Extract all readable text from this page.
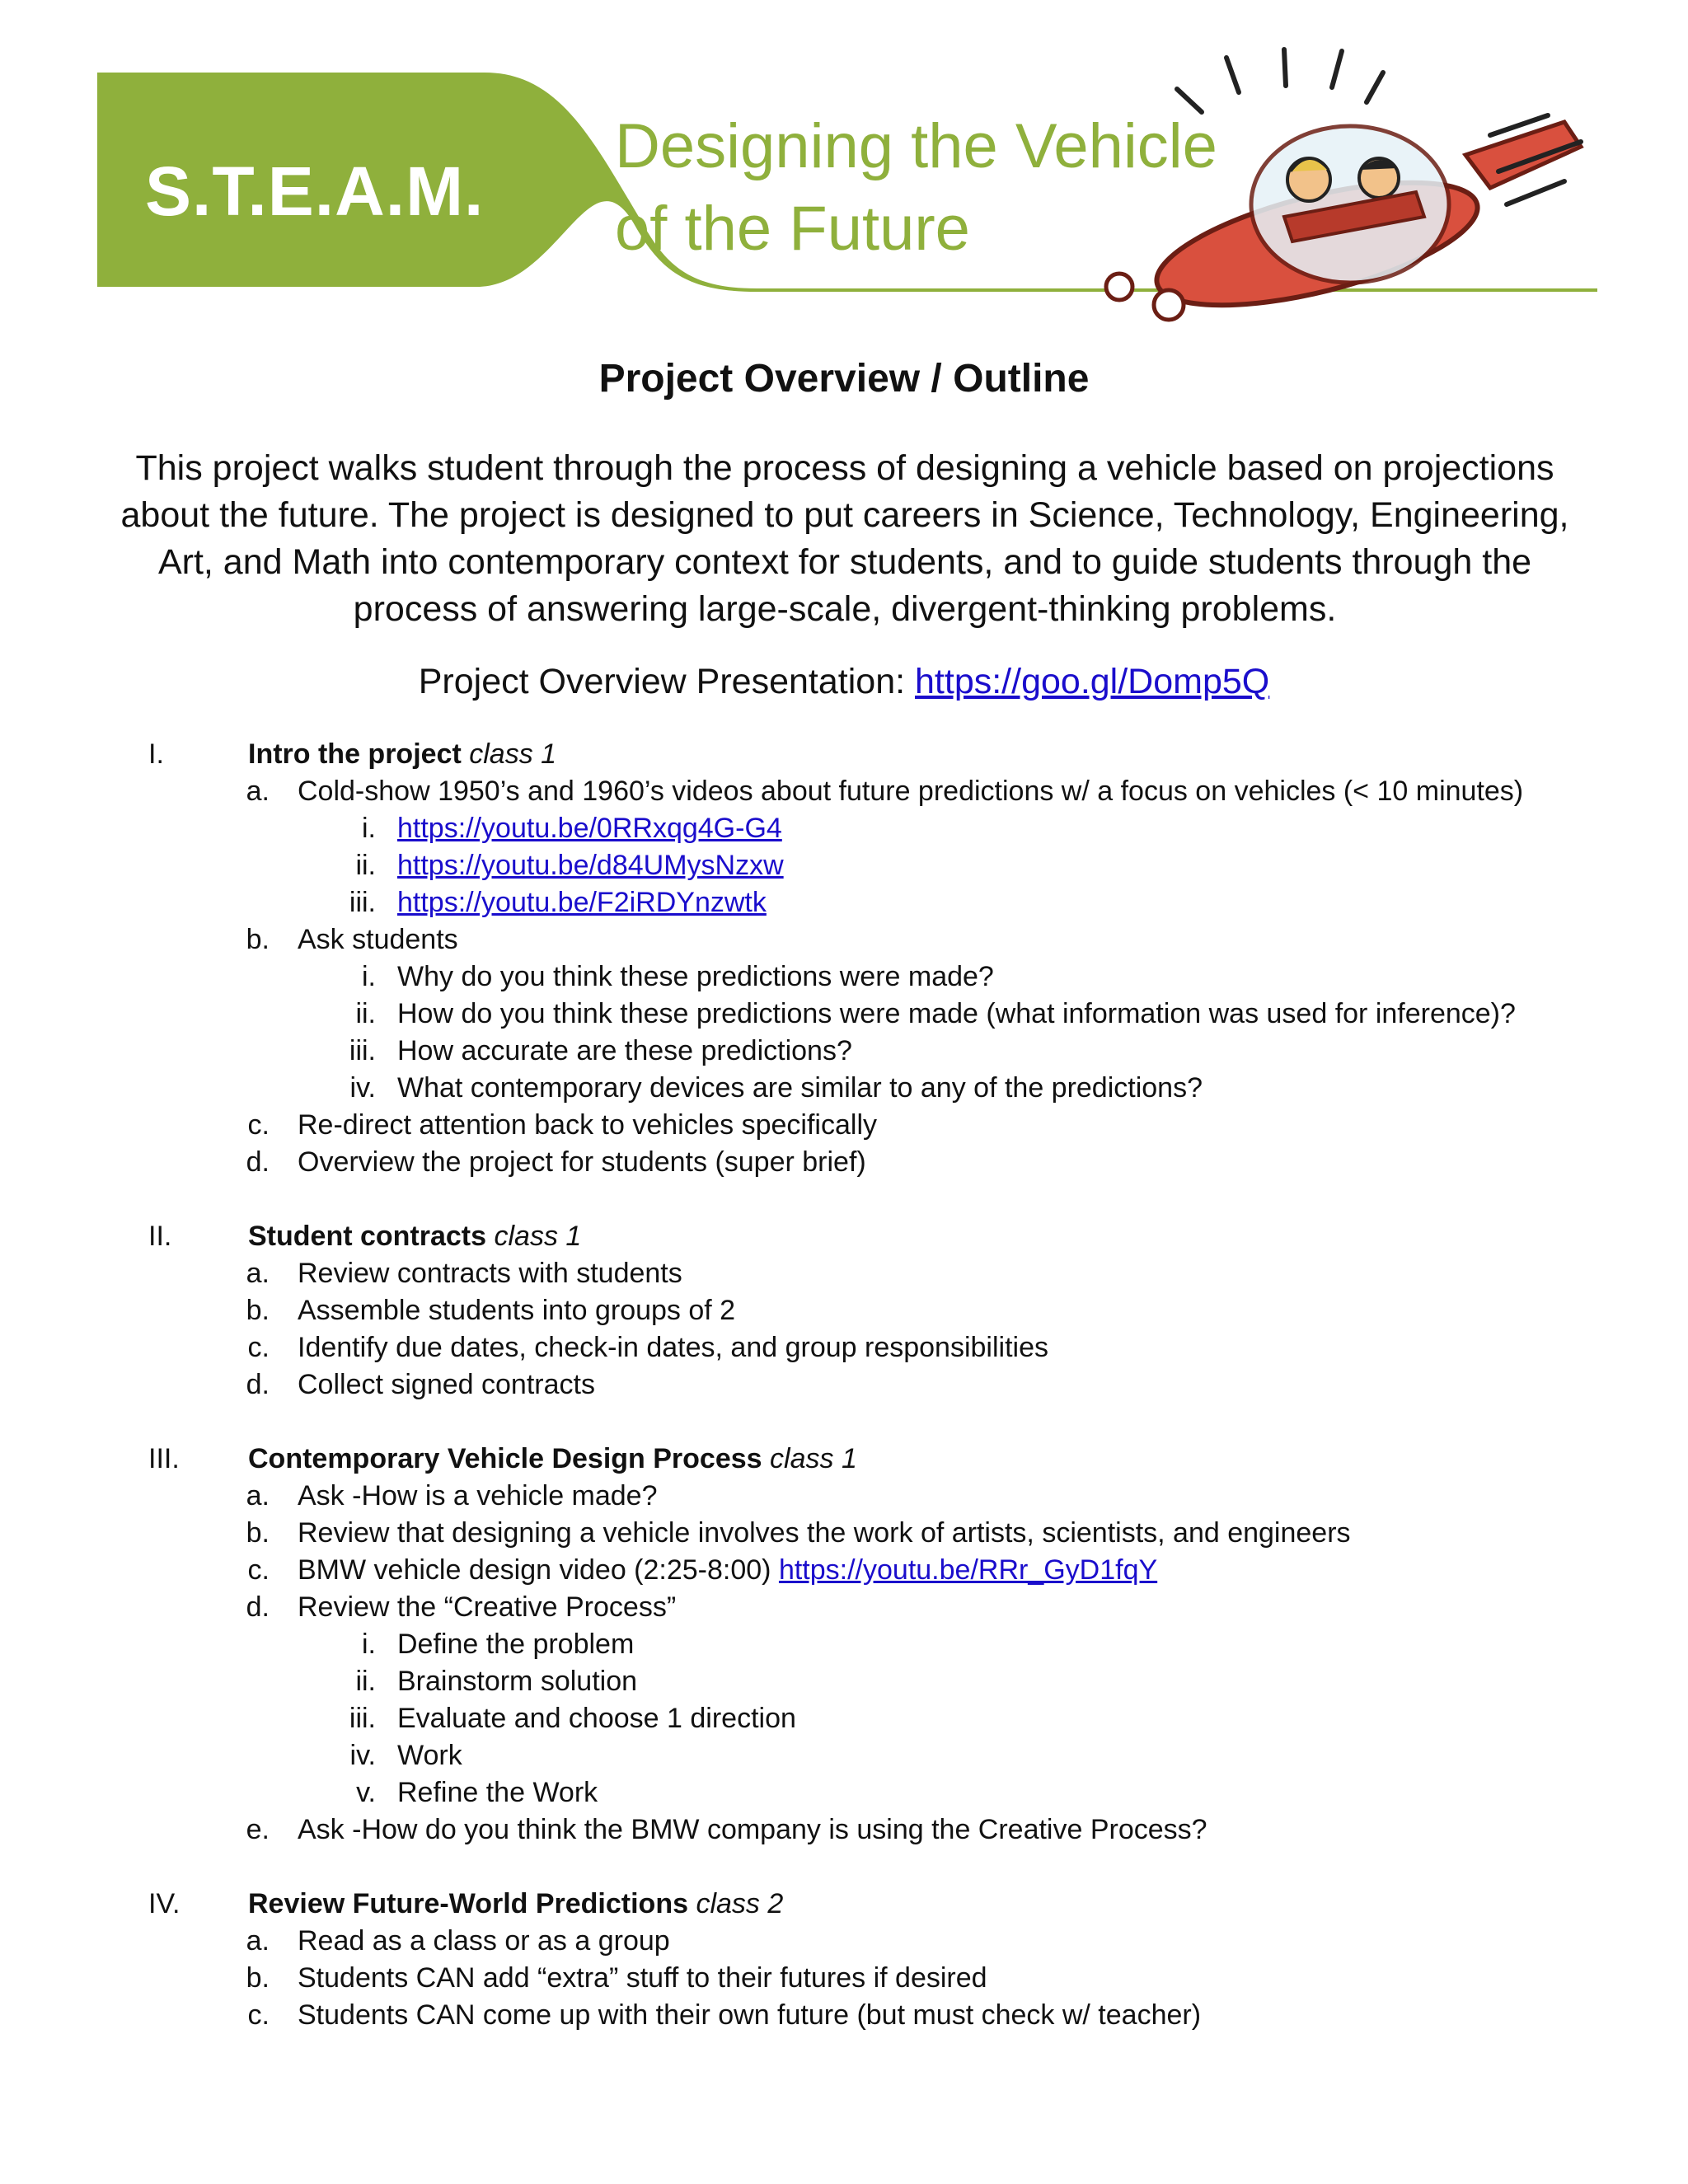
S.T.E.A.M.
Designing the Vehicle
of the Future
Project Overview / Outline
This project walks student through the process of designing a vehicle based on projections about the future. The project is designed to put careers in Science, Technology, Engineering, Art, and Math into contemporary context for students, and to guide students through the process of answering large-scale, divergent-thinking problems.
Project Overview Presentation: https://goo.gl/Domp5Q
I.	Intro the project class 1
a. Cold-show 1950’s and 1960’s videos about future predictions w/ a focus on vehicles (< 10 minutes)
i. https://youtu.be/0RRxqg4G-G4
ii. https://youtu.be/d84UMysNzxw
iii. https://youtu.be/F2iRDYnzwtk
b. Ask students
i. Why do you think these predictions were made?
ii. How do you think these predictions were made (what information was used for inference)?
iii. How accurate are these predictions?
iv. What contemporary devices are similar to any of the predictions?
c. Re-direct attention back to vehicles specifically
d. Overview the project for students (super brief)
II.	Student contracts class 1
a. Review contracts with students
b. Assemble students into groups of 2
c. Identify due dates, check-in dates, and group responsibilities
d. Collect signed contracts
III. Contemporary Vehicle Design Process class 1
a. Ask -How is a vehicle made?
b. Review that designing a vehicle involves the work of artists, scientists, and engineers
c. BMW vehicle design video (2:25-8:00) https://youtu.be/RRr_GyD1fqY
d. Review the “Creative Process”
i. Define the problem
ii. Brainstorm solution
iii. Evaluate and choose 1 direction
iv. Work
v. Refine the Work
e. Ask -How do you think the BMW company is using the Creative Process?
IV. Review Future-World Predictions class 2
a. Read as a class or as a group
b. Students CAN add “extra” stuff to their futures if desired
c. Students CAN come up with their own future (but must check w/ teacher)
